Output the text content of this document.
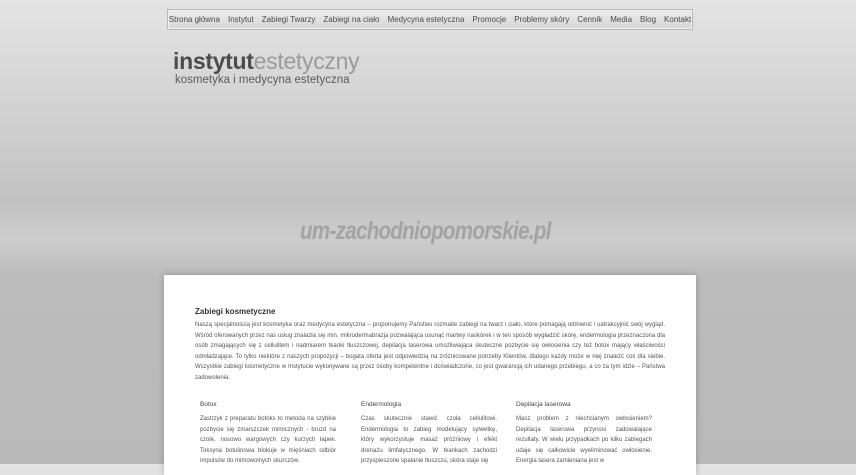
Strona główna Instytut Zabiegi Twarzy Zabiegi na ciało Medycyna estetyczna Promocje Problemy skóry Cennik Media Blog Kontakt
instytutestetyczny
kosmetyka i medycyna estetyczna
um-zachodniopomorskie.pl
Zabiegi kosmetyczne
Naszą specjalnością jest kosmetyka oraz medycyna estetyczna – proponujemy Państwu rozmaite zabiegi na twarz i ciało, które pomagają odmienić i uatrakcyjnić swój wygląd. Wśród oferowanych przez nas usług znalazła się min. mikrodermabrazja pozwalająca usunąć martwy naskórek i w ten sposób wygładzić skórę, endermologia przeznaczona dla osób zmagających się z cellulitem i nadmiarem tkanki tłuszczowej, depilacja laserowa umożliwiająca skuteczne pozbycie się owłosienia czy też botox mający właściwości odmładzające. To tylko niektóre z naszych propozycji – bogata oferta jest odpowiedzią na zróżnicowane potrzeby Klientów, dlatego każdy może w niej znaleźć coś dla siebie. Wszystkie zabiegi kosmetyczne w Instytucie wykonywane są przez osoby kompetentne i doświadczone, co jest gwarancją ich udanego przebiegu, a co za tym idzie – Państwa zadowolenia.
Botox
Zastrzyk z preparatu botoks to metoda na szybkie pozbycie się zmarszczek mimicznych - bruzd na czole, nosowo wargowych czy kurzych łapek. Toksyna botulinowa blokuje w mięśniach odbiór impulsów do mimowolnych skurczów.
Endermologia
Czas skutecznie stawić czoła cellulitowi. Endermologia to zabieg modelujący sylwetkę, który wykorzystuje masaż próżniowy i efekt drenażu limfatycznego. W tkankach zachodzi przyspieszone spalanie tłuszczu, skóra staje się
Depilacja laserowa
Masz problem z niechcianym owłosieniem? Depilacja laserowa przynosi zadowalające rezultaty. W wielu przypadkach po kilku zabiegach udaje się całkowicie wyeliminować owłosienie. Energia lasera zamieniana jest w
